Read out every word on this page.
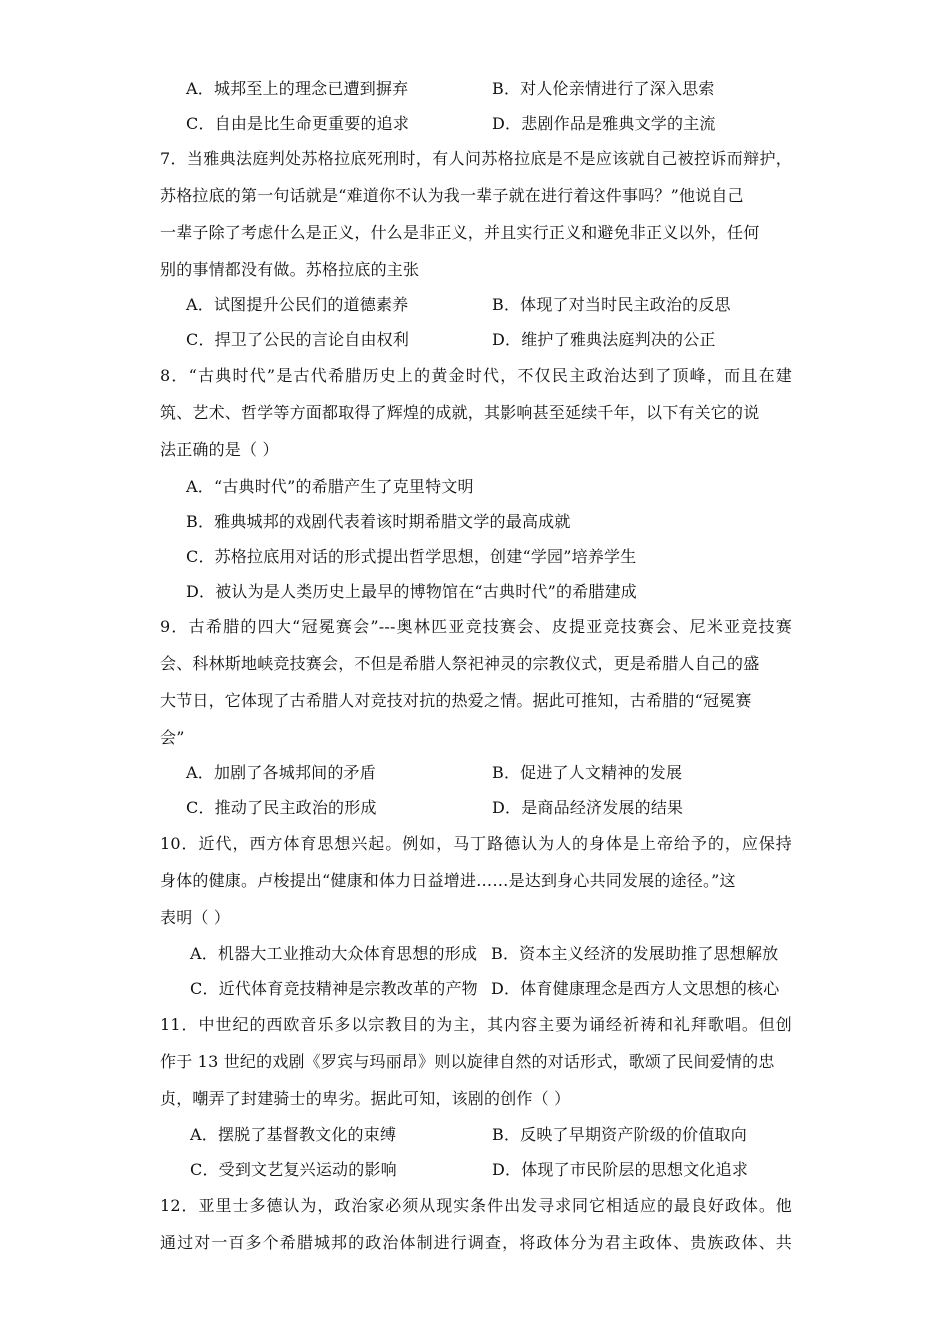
A．城邦至上的理念已遭到摒弃	B．对人伦亲情进行了深入思索
C．自由是比生命更重要的追求	D．悲剧作品是雅典文学的主流
7．当雅典法庭判处苏格拉底死刑时，有人问苏格拉底是不是应该就自己被控诉而辩护，
苏格拉底的第一句话就是“难道你不认为我一辈子就在进行着这件事吗？”他说自己
一辈子除了考虑什么是正义，什么是非正义，并且实行正义和避免非正义以外，任何
别的事情都没有做。苏格拉底的主张
A．试图提升公民们的道德素养	B．体现了对当时民主政治的反思
C．捍卫了公民的言论自由权利	D．维护了雅典法庭判决的公正
8．“古典时代”是古代希腊历史上的黄金时代，不仅民主政治达到了顶峰，而且在建
筑、艺术、哲学等方面都取得了辉煌的成就，其影响甚至延续千年，以下有关它的说
法正确的是（ ）
A．“古典时代”的希腊产生了克里特文明
B．雅典城邦的戏剧代表着该时期希腊文学的最高成就
C．苏格拉底用对话的形式提出哲学思想，创建“学园”培养学生
D．被认为是人类历史上最早的博物馆在“古典时代”的希腊建成
9．古希腊的四大“冠冕赛会”---奥林匹亚竞技赛会、皮提亚竞技赛会、尼米亚竞技赛
会、科林斯地峡竞技赛会，不但是希腊人祭祀神灵的宗教仪式，更是希腊人自己的盛
大节日，它体现了古希腊人对竞技对抗的热爱之情。据此可推知，古希腊的“冠冕赛
会”
A．加剧了各城邦间的矛盾	B．促进了人文精神的发展
C．推动了民主政治的形成	D．是商品经济发展的结果
10．近代，西方体育思想兴起。例如，马丁路德认为人的身体是上帝给予的，应保持
身体的健康。卢梭提出“健康和体力日益增进……是达到身心共同发展的途径。”这
表明（ ）
A．机器大工业推动大众体育思想的形成 B．资本主义经济的发展助推了思想解放
C．近代体育竞技精神是宗教改革的产物 D．体育健康理念是西方人文思想的核心
11．中世纪的西欧音乐多以宗教目的为主，其内容主要为诵经祈祷和礼拜歌唱。但创
作于 13 世纪的戏剧《罗宾与玛丽昂》则以旋律自然的对话形式，歌颂了民间爱情的忠
贞，嘲弄了封建骑士的卑劣。据此可知，该剧的创作（ ）
A．摆脱了基督教文化的束缚	B．反映了早期资产阶级的价值取向
C．受到文艺复兴运动的影响	D．体现了市民阶层的思想文化追求
12．亚里士多德认为，政治家必须从现实条件出发寻求同它相适应的最良好政体。他
通过对一百多个希腊城邦的政治体制进行调查，将政体分为君主政体、贵族政体、共
